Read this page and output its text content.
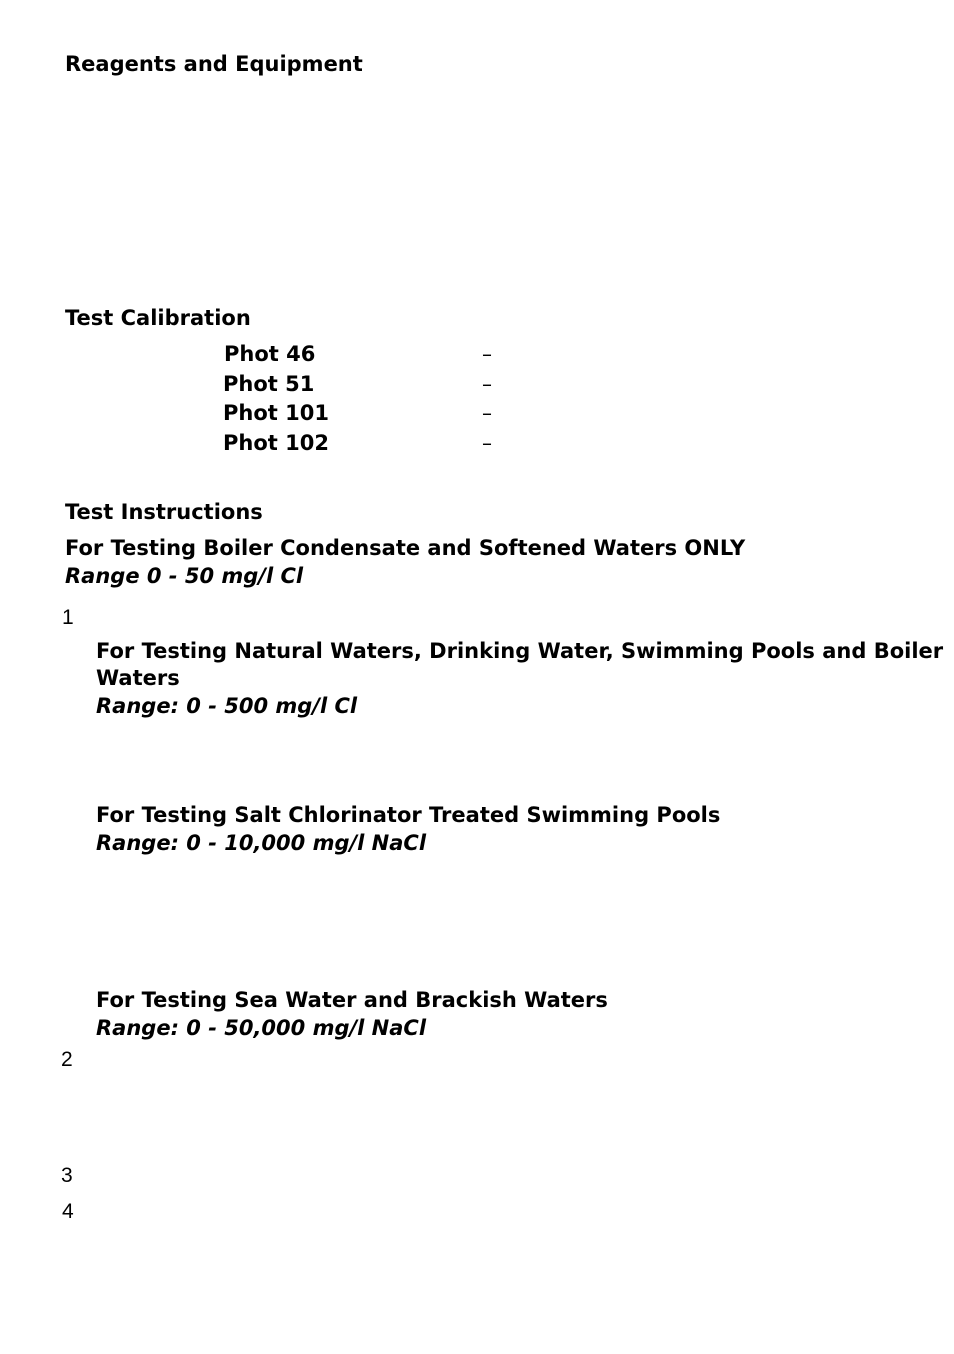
Reagents and Equipment
Test Calibration
Phot 46	–
Phot 51	–
Phot 101	–
Phot 102	–
Test Instructions
For Testing Boiler Condensate and Softened Waters ONLY
Range 0 - 50 mg/l Cl
1
For Testing Natural Waters, Drinking Water, Swimming Pools and Boiler
Waters
Range: 0 - 500 mg/l Cl
For Testing Salt Chlorinator Treated Swimming Pools
Range: 0 - 10,000 mg/l NaCl
For Testing Sea Water and Brackish Waters
Range: 0 - 50,000 mg/l NaCl
2
3
4
